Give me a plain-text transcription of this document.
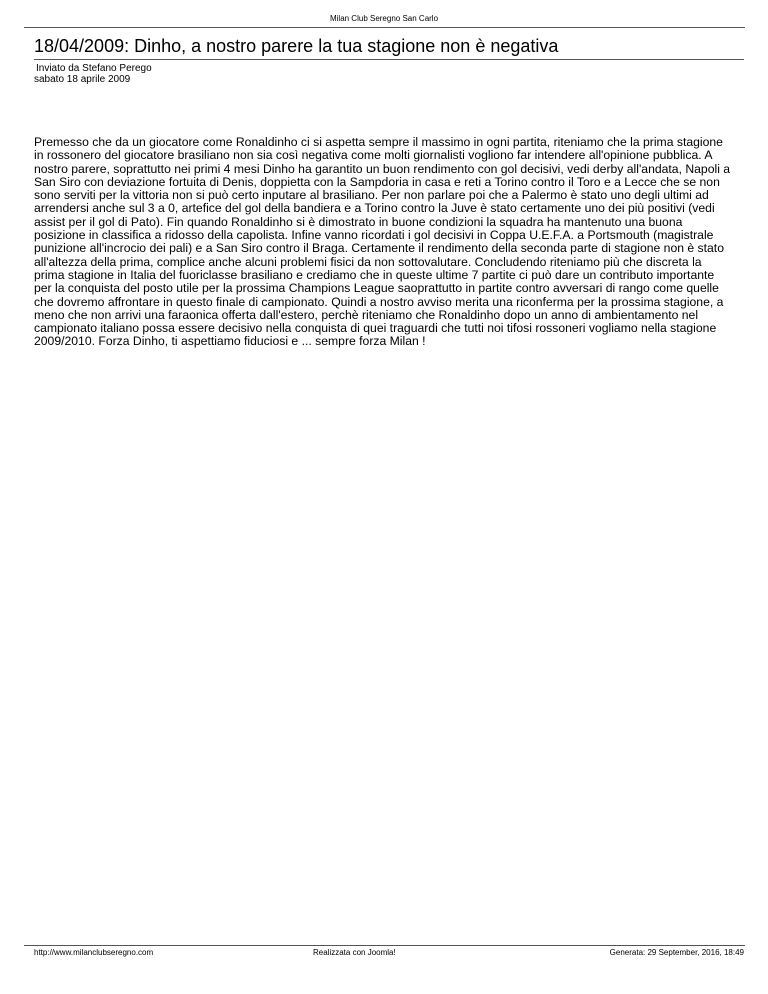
Milan Club Seregno San Carlo
18/04/2009: Dinho, a nostro parere la tua stagione non è negativa
Inviato da Stefano Perego
sabato 18 aprile 2009

Premesso che da un giocatore come Ronaldinho ci si aspetta sempre il massimo in ogni partita, riteniamo che la prima stagione in rossonero del giocatore brasiliano non sia così negativa come molti giornalisti vogliono far intendere all'opinione pubblica. A nostro parere, soprattutto nei primi 4 mesi Dinho ha garantito un buon rendimento con gol decisivi, vedi derby all'andata, Napoli a San Siro con deviazione fortuita di Denis, doppietta con la Sampdoria in casa e reti a Torino contro il Toro e a Lecce che se non sono serviti per la vittoria non si può certo inputare al brasiliano. Per non parlare poi che a Palermo è stato uno degli ultimi ad arrendersi anche sul 3 a 0, artefice del gol della bandiera e a Torino contro la Juve è stato certamente uno dei più positivi (vedi assist per il gol di Pato). Fin quando Ronaldinho si è dimostrato in buone condizioni la squadra ha mantenuto una buona posizione in classifica a ridosso della capolista. Infine vanno ricordati i gol decisivi in Coppa U.E.F.A. a Portsmouth (magistrale punizione all'incrocio dei pali) e a San Siro contro il Braga. Certamente il rendimento della seconda parte di stagione non è stato all'altezza della prima, complice anche alcuni problemi fisici da non sottovalutare. Concludendo riteniamo più che discreta la prima stagione in Italia del fuoriclasse brasiliano e crediamo che in queste ultime 7 partite ci può dare un contributo importante per la conquista del posto utile per la prossima Champions League saoprattutto in partite contro avversari di rango come quelle che dovremo affrontare in questo finale di campionato. Quindi a nostro avviso merita una riconferma per la prossima stagione, a meno che non arrivi una faraonica offerta dall'estero, perchè riteniamo che Ronaldinho dopo un anno di ambientamento nel campionato italiano possa essere decisivo nella conquista di quei traguardi che tutti noi tifosi rossoneri vogliamo nella stagione 2009/2010. Forza Dinho, ti aspettiamo fiduciosi e ... sempre forza Milan !

http://www.milanclubseregno.com	Realizzata con Joomla!	Generata: 29 September, 2016, 18:49
